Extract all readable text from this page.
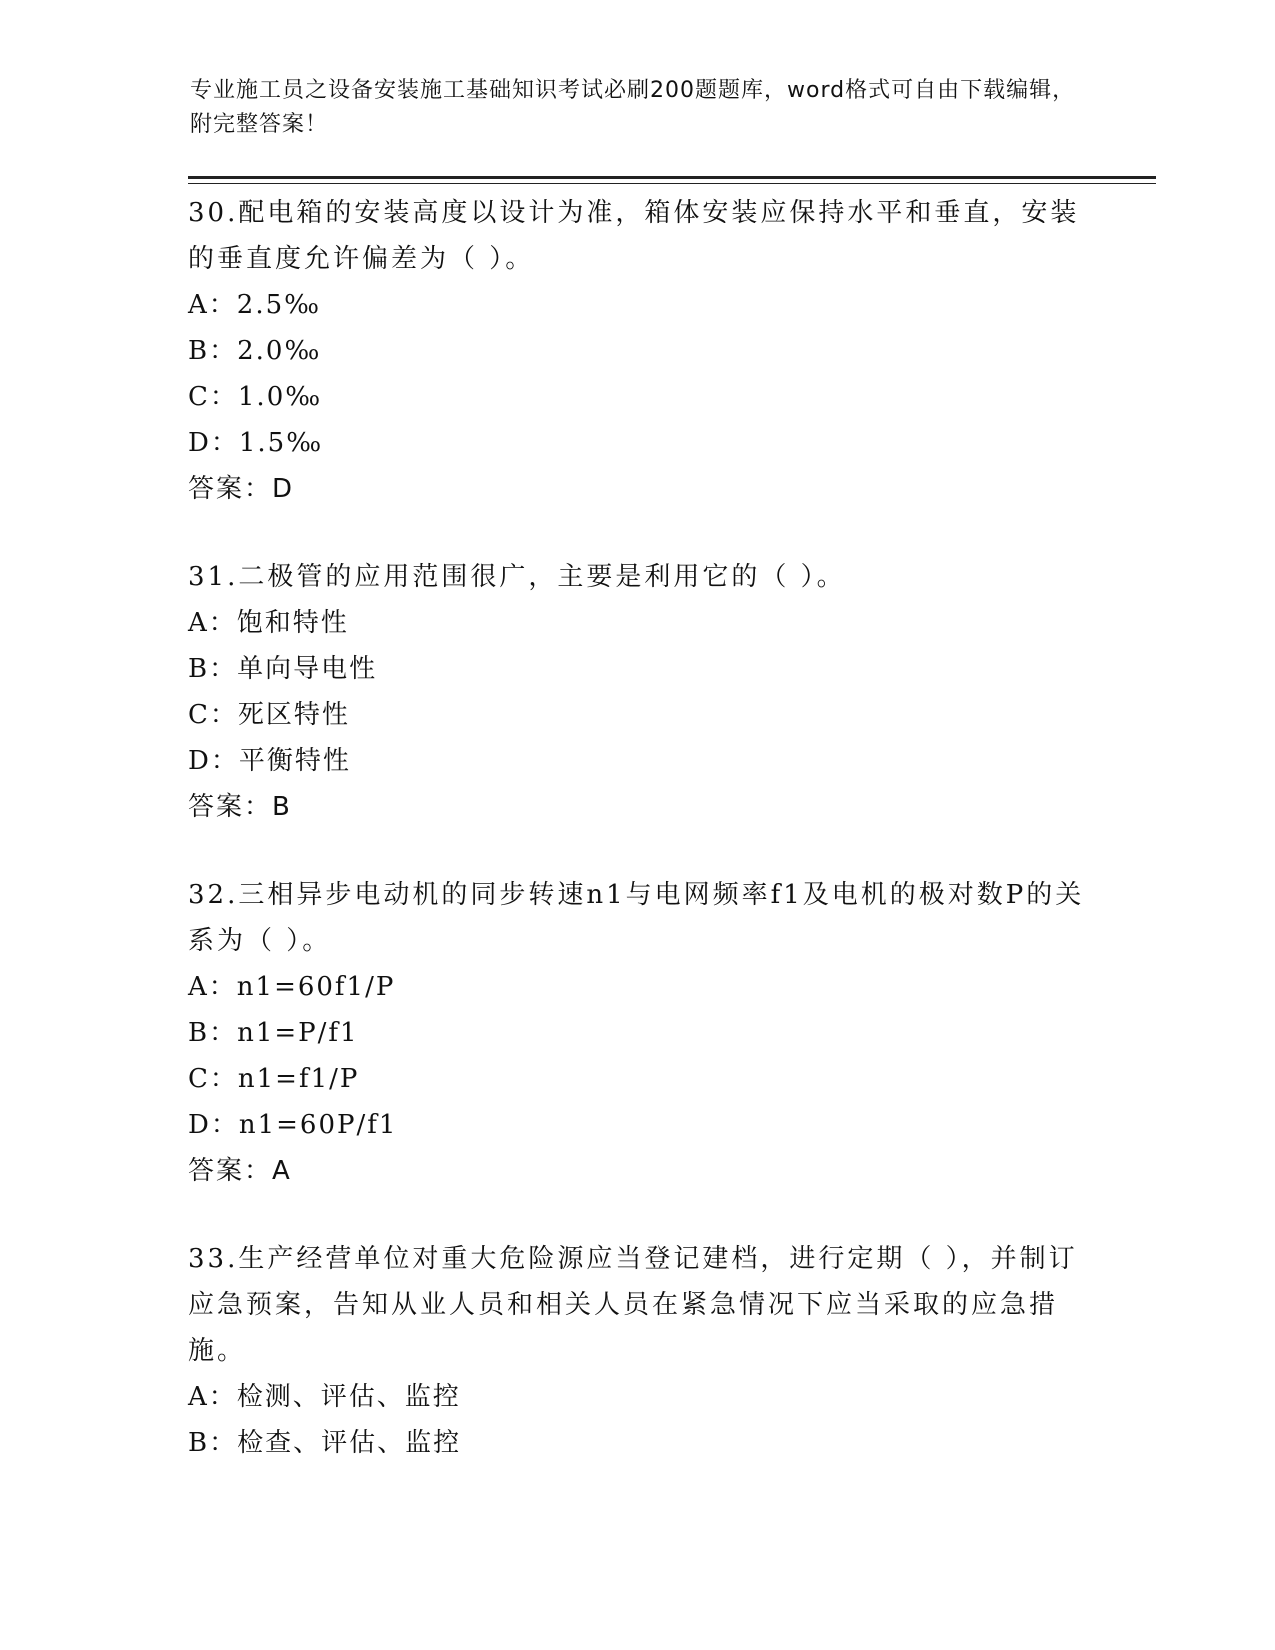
专业施工员之设备安装施工基础知识考试必刷200题题库，word格式可自由下载编辑，附完整答案！

30.配电箱的安装高度以设计为准，箱体安装应保持水平和垂直，安装的垂直度允许偏差为（ ）。

A：2.5‰

B：2.0‰

C：1.0‰

D：1.5‰

答案：D

31.二极管的应用范围很广，主要是利用它的（ ）。

A：饱和特性

B：单向导电性

C：死区特性

D：平衡特性

答案：B

32.三相异步电动机的同步转速n1与电网频率f1及电机的极对数P的关系为（ ）。

A：n1=60f1/P

B：n1=P/f1

C：n1=f1/P

D：n1=60P/f1

答案：A

33.生产经营单位对重大危险源应当登记建档，进行定期（ ），并制订应急预案，告知从业人员和相关人员在紧急情况下应当采取的应急措施。

A：检测、评估、监控

B：检查、评估、监控
